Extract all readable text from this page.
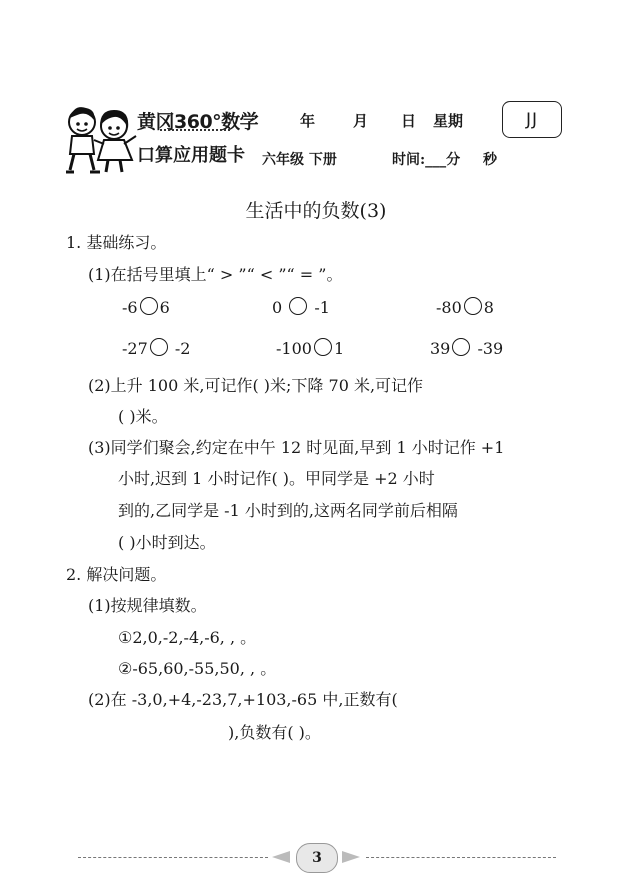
黄冈360°数学
口算应用题卡
年	月 日 星期	JJ
六年级 下册	时间:___分 秒
生活中的负数(3)
1. 基础练习。
(1)在括号里填上“ > ”“ < ”“ = ”。
-6 6	0 -1	-80 8
-27 -2	-100 1	39 -39
(2)上升 100 米,可记作( )米;下降 70 米,可记作
( )米。
(3)同学们聚会,约定在中午 12 时见面,早到 1 小时记作 +1
小时,迟到 1 小时记作( )。甲同学是 +2 小时
到的,乙同学是 -1 小时到的,这两名同学前后相隔
( )小时到达。
2. 解决问题。
(1)按规律填数。
①2,0,-2,-4,-6, , 。
②-65,60,-55,50, , 。
(2)在 -3,0,+4,-23,7,+103,-65 中,正数有(
),负数有( )。
3
